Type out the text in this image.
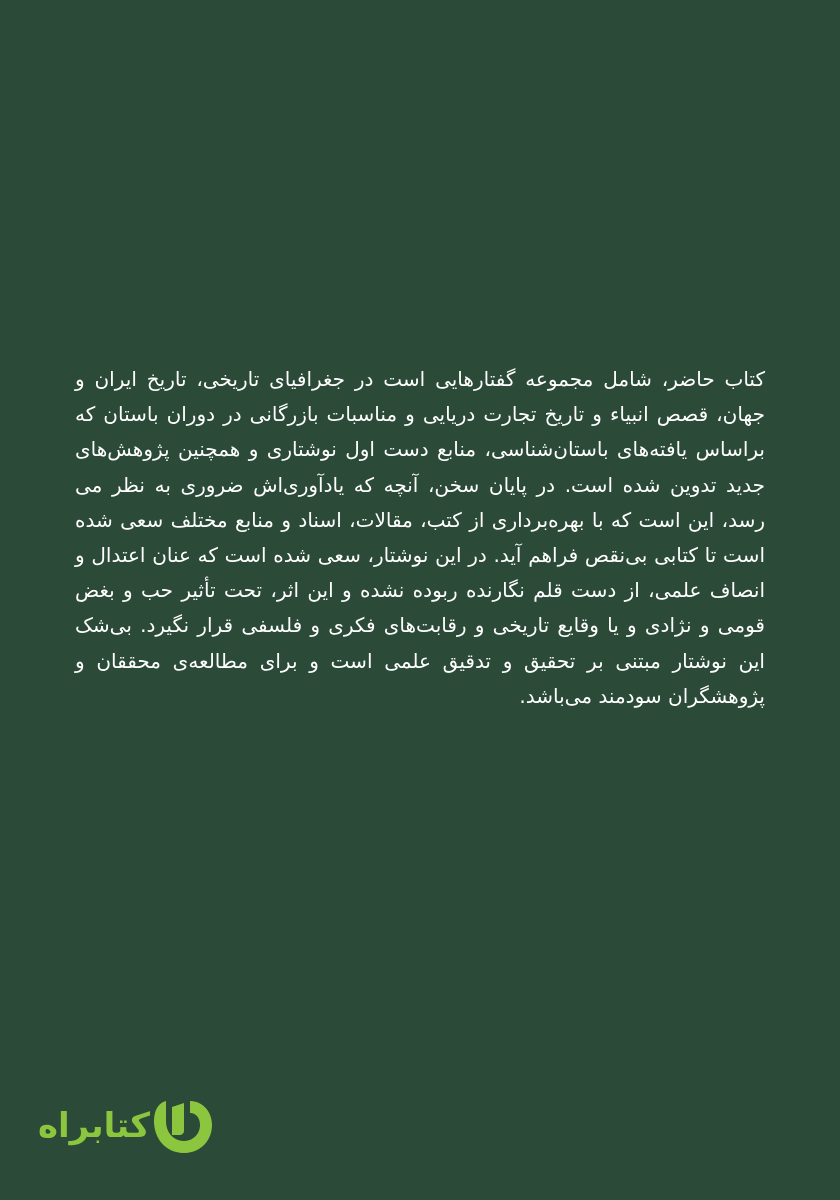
کتاب حاضر، شامل مجموعه گفتارهایی است در جغرافیای تاریخی، تاریخ ایران و جهان، قصص انبیاء و تاریخ تجارت دریایی و مناسبات بازرگانی در دوران باستان که براساس یافته‌های باستان‌شناسی، منابع دست اول نوشتاری و همچنین پژوهش‌های جدید تدوین شده است. در پایان سخن، آنچه که یادآوری‌اش ضروری به نظر می رسد، این است که با بهره‌برداری از کتب، مقالات، اسناد و منابع مختلف سعی شده است تا کتابی بی‌نقص فراهم آید. در این نوشتار، سعی شده است که عنان اعتدال و انصاف علمی، از دست قلم نگارنده ربوده نشده و این اثر، تحت تأثیر حب و بغض قومی و نژادی و یا وقایع تاریخی و رقابت‌های فکری و فلسفی قرار نگیرد. بی‌شک این نوشتار مبتنی بر تحقیق و تدقیق علمی است و برای مطالعه‌ی محققان و پژوهشگران سودمند می‌باشد.

کتابراه
